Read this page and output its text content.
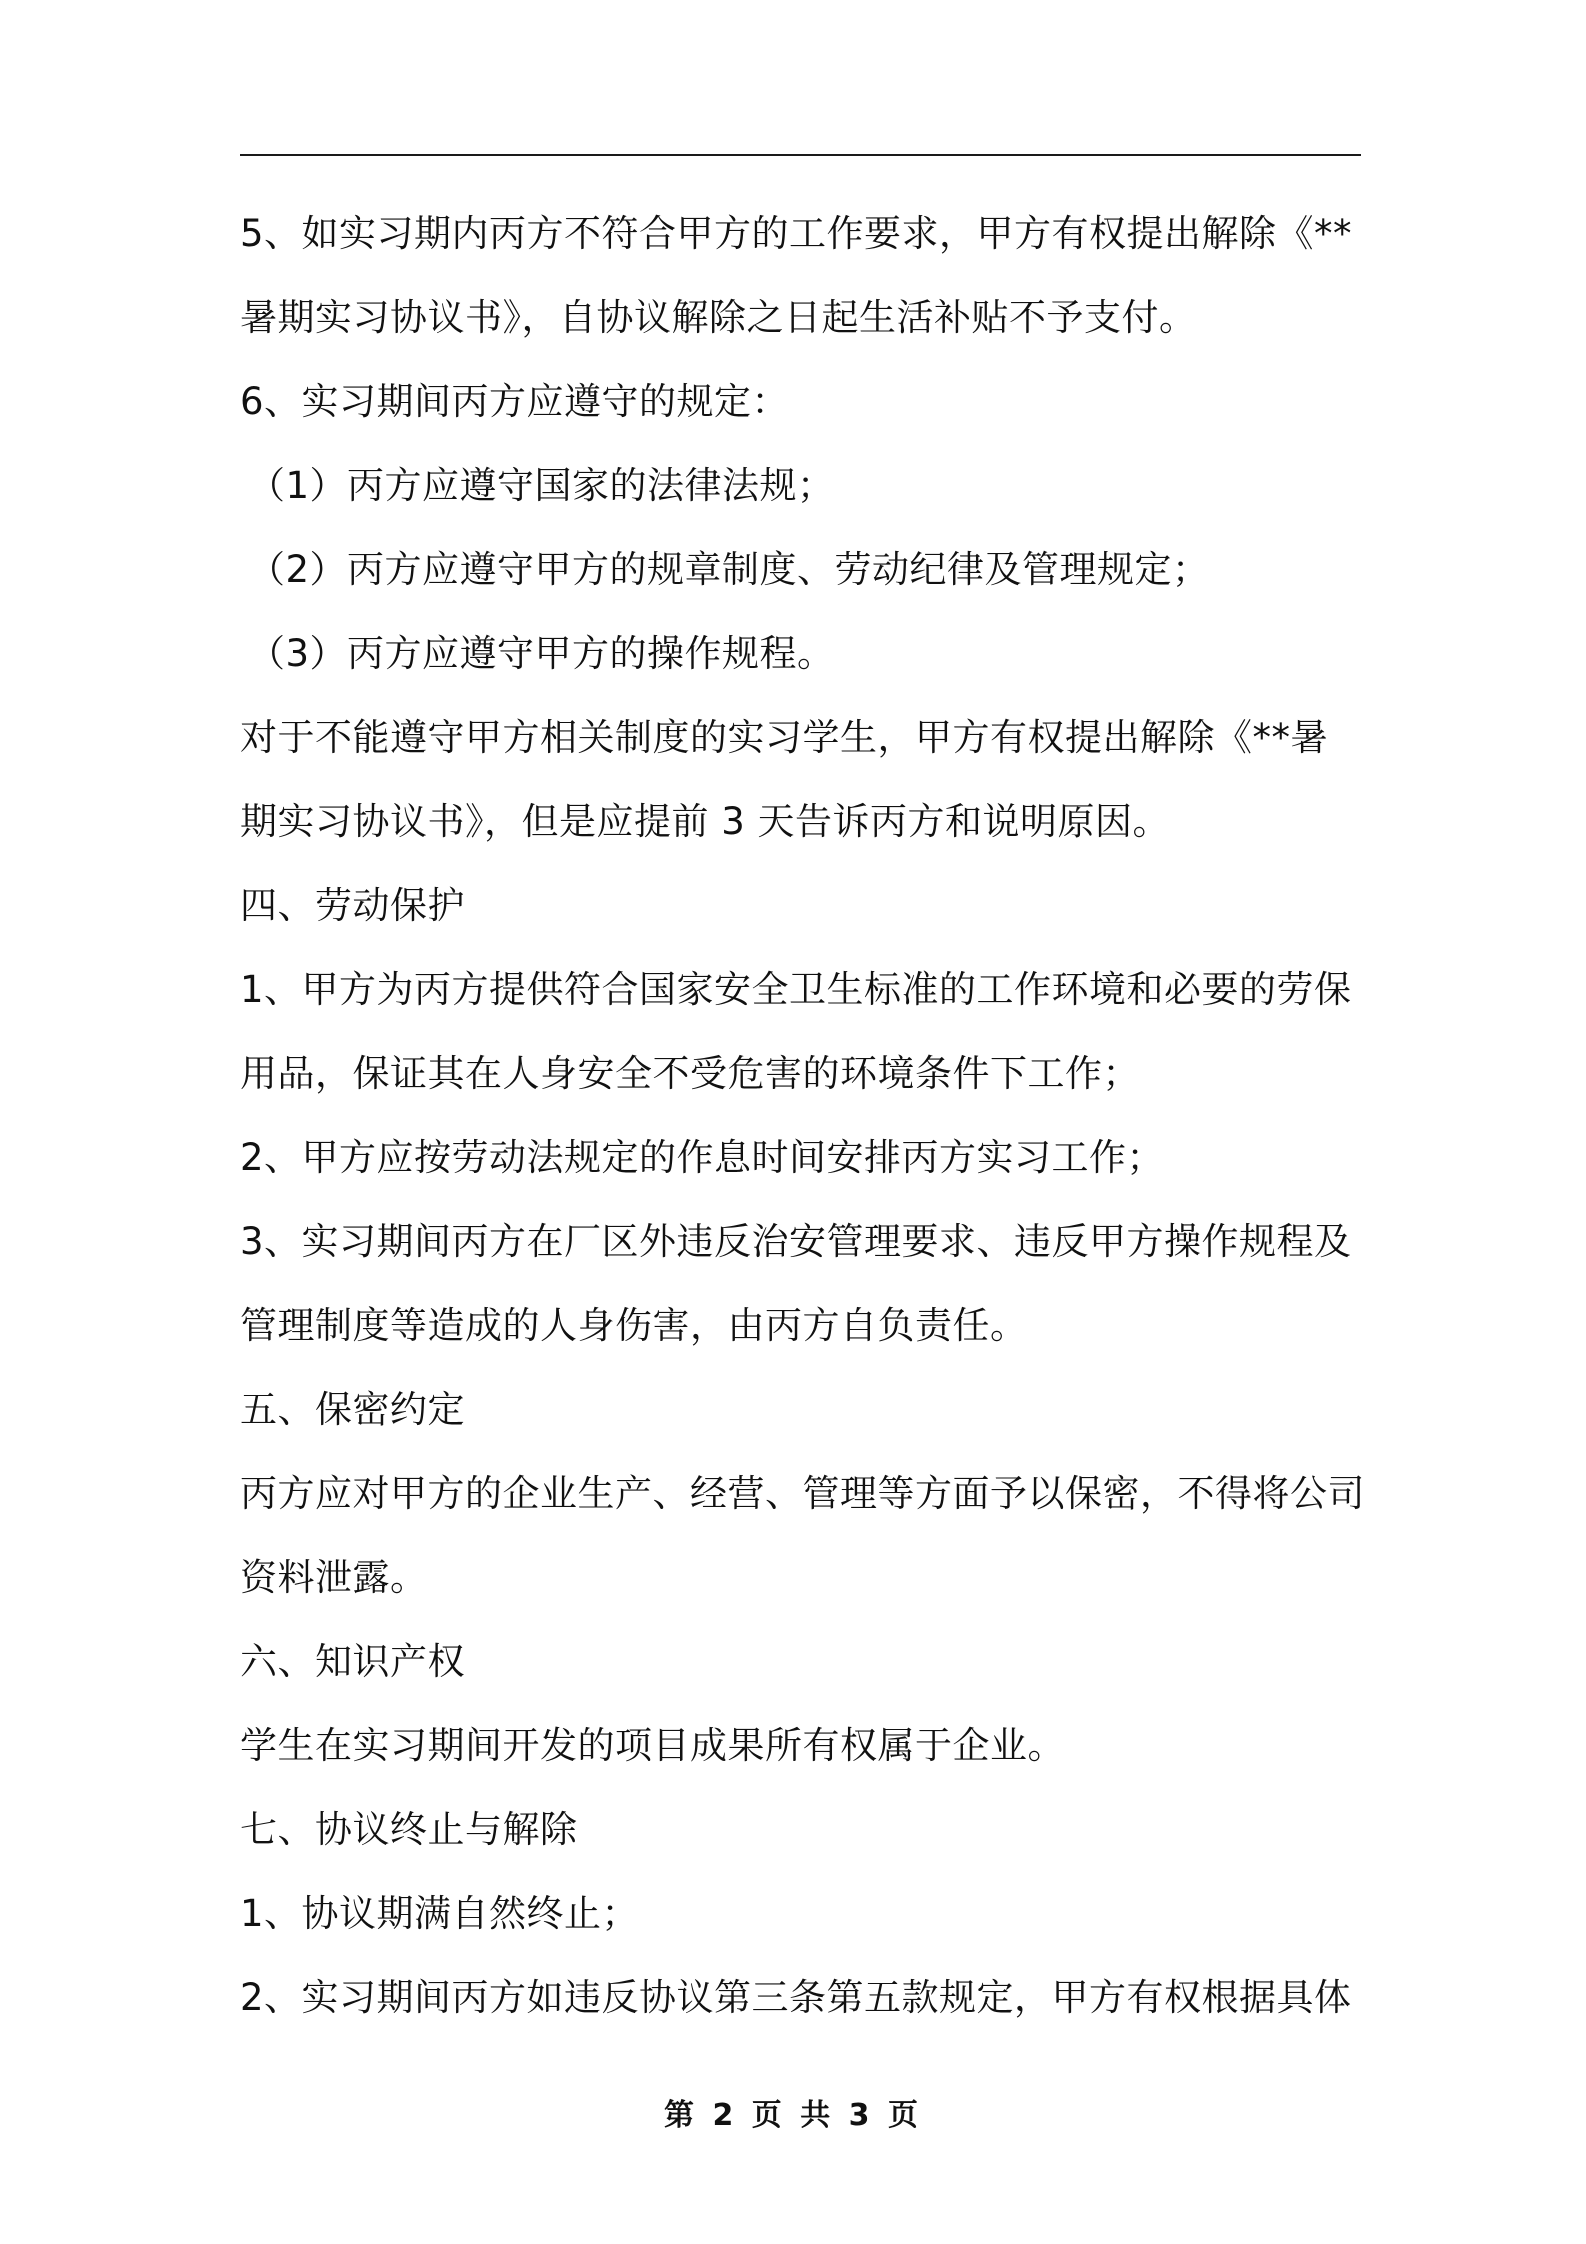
5、如实习期内丙方不符合甲方的工作要求，甲方有权提出解除《**暑期实习协议书》，自协议解除之日起生活补贴不予支付。

6、实习期间丙方应遵守的规定：

（1）丙方应遵守国家的法律法规；

（2）丙方应遵守甲方的规章制度、劳动纪律及管理规定；

（3）丙方应遵守甲方的操作规程。

对于不能遵守甲方相关制度的实习学生，甲方有权提出解除《**暑期实习协议书》，但是应提前 3 天告诉丙方和说明原因。

四、劳动保护

1、甲方为丙方提供符合国家安全卫生标准的工作环境和必要的劳保用品，保证其在人身安全不受危害的环境条件下工作；

2、甲方应按劳动法规定的作息时间安排丙方实习工作；

3、实习期间丙方在厂区外违反治安管理要求、违反甲方操作规程及管理制度等造成的人身伤害，由丙方自负责任。

五、保密约定

丙方应对甲方的企业生产、经营、管理等方面予以保密，不得将公司资料泄露。

六、知识产权

学生在实习期间开发的项目成果所有权属于企业。

七、协议终止与解除

1、协议期满自然终止；

2、实习期间丙方如违反协议第三条第五款规定，甲方有权根据具体

第 2 页 共 3 页
